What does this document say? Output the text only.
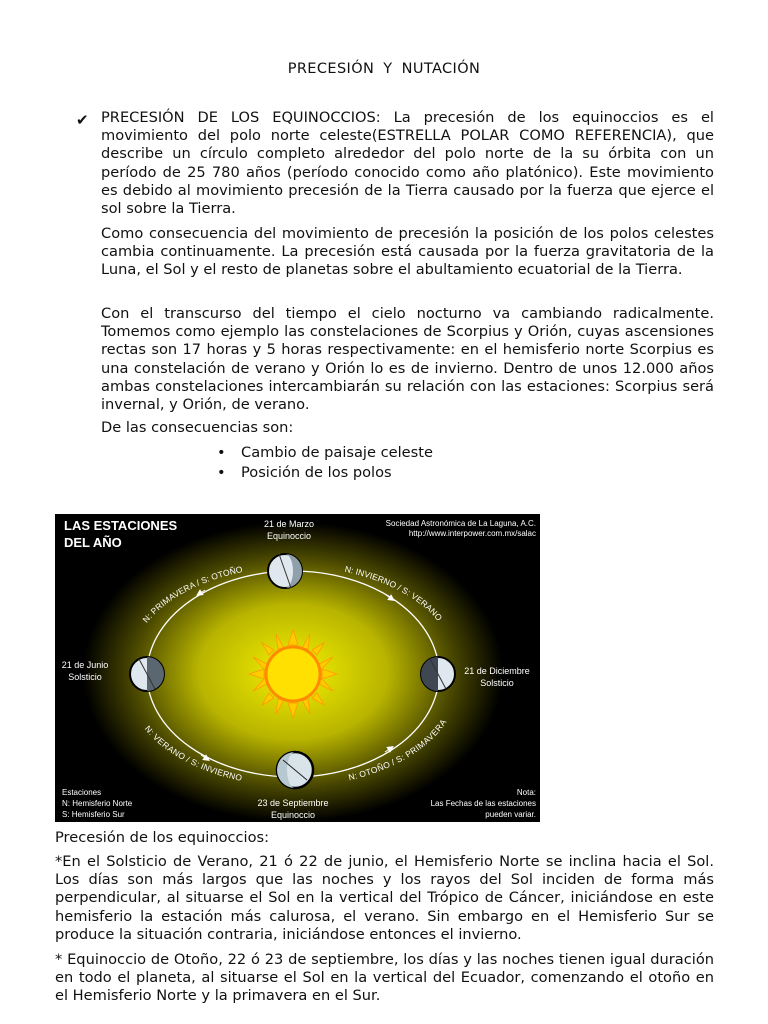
PRECESIÓN Y NUTACIÓN
✔ PRECESIÓN DE LOS EQUINOCCIOS: La precesión de los equinoccios es el movimiento del polo norte celeste(ESTRELLA POLAR COMO REFERENCIA), que describe un círculo completo alrededor del polo norte de la su órbita con un período de 25 780 años (período conocido como año platónico). Este movimiento es debido al movimiento precesión de la Tierra causado por la fuerza que ejerce el sol sobre la Tierra.
Como consecuencia del movimiento de precesión la posición de los polos celestes cambia continuamente. La precesión está causada por la fuerza gravitatoria de la Luna, el Sol y el resto de planetas sobre el abultamiento ecuatorial de la Tierra.
Con el transcurso del tiempo el cielo nocturno va cambiando radicalmente. Tomemos como ejemplo las constelaciones de Scorpius y Orión, cuyas ascensiones rectas son 17 horas y 5 horas respectivamente: en el hemisferio norte Scorpius es una constelación de verano y Orión lo es de invierno. Dentro de unos 12.000 años ambas constelaciones intercambiarán su relación con las estaciones: Scorpius será invernal, y Orión, de verano.
De las consecuencias son:
• Cambio de paisaje celeste
• Posición de los polos
LAS ESTACIONES
DEL AÑO
Sociedad Astronómica de La Laguna, A.C.
http://www.interpower.com.mx/salac
21 de Marzo
Equinoccio
21 de Junio
Solsticio
21 de Diciembre
Solsticio
23 de Septiembre
Equinoccio
N: PRIMAVERA / S: OTOÑO	N: INVIERNO / S: VERANO
N: VERANO / S: INVIERNO	N: OTOÑO / S: PRIMAVERA
Estaciones
N: Hemisferio Norte
S: Hemisferio Sur
Nota:
Las Fechas de las estaciones
pueden variar.
Precesión de los equinoccios:
*En el Solsticio de Verano, 21 ó 22 de junio, el Hemisferio Norte se inclina hacia el Sol. Los días son más largos que las noches y los rayos del Sol inciden de forma más perpendicular, al situarse el Sol en la vertical del Trópico de Cáncer, iniciándose en este hemisferio la estación más calurosa, el verano. Sin embargo en el Hemisferio Sur se produce la situación contraria, iniciándose entonces el invierno.
* Equinoccio de Otoño, 22 ó 23 de septiembre, los días y las noches tienen igual duración en todo el planeta, al situarse el Sol en la vertical del Ecuador, comenzando el otoño en el Hemisferio Norte y la primavera en el Sur.
